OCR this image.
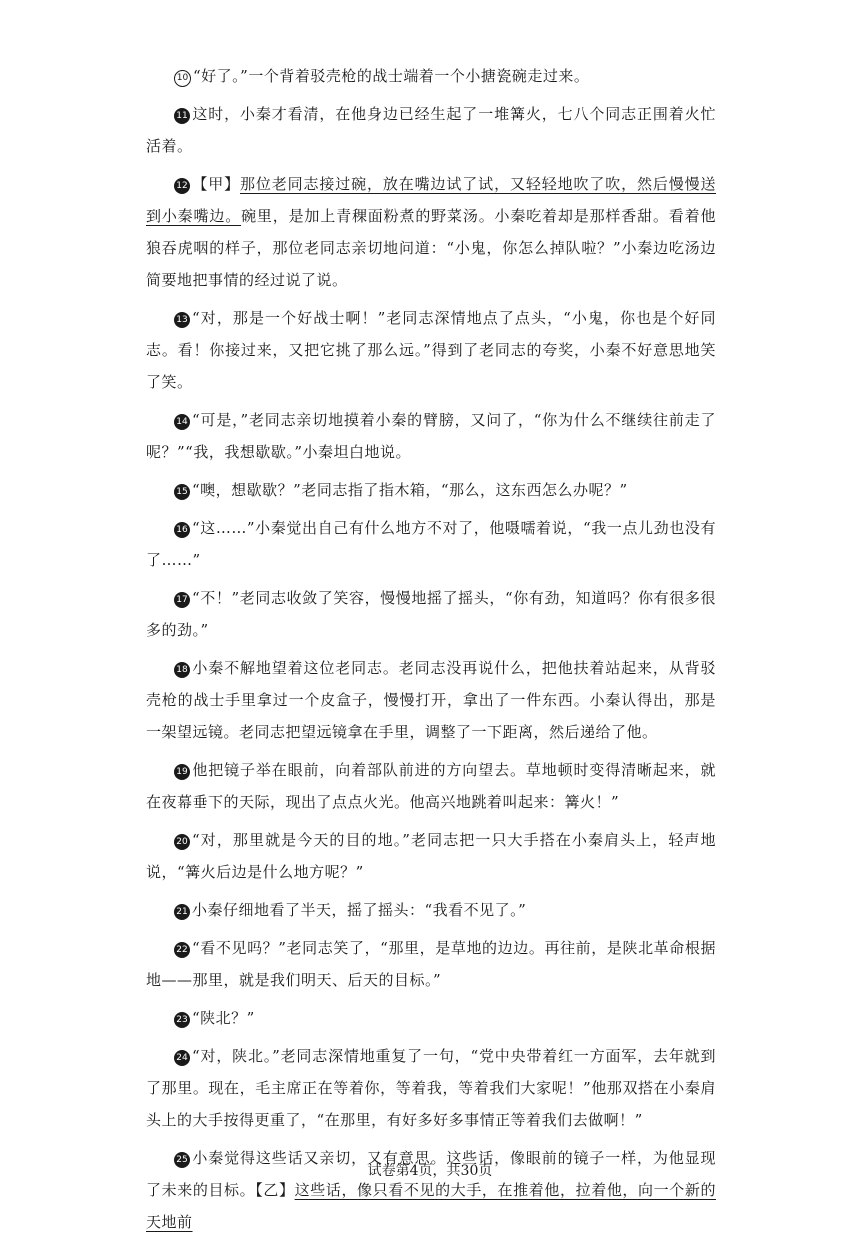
10 “好了。”一个背着驳壳枪的战士端着一个小搪瓷碗走过来。

11 这时，小秦才看清，在他身边已经生起了一堆篝火，七八个同志正围着火忙活着。

12 【甲】那位老同志接过碗，放在嘴边试了试，又轻轻地吹了吹，然后慢慢送到小秦嘴边。碗里，是加上青稞面粉煮的野菜汤。小秦吃着却是那样香甜。看着他狼吞虎咽的样子，那位老同志亲切地问道：“小鬼，你怎么掉队啦？”小秦边吃汤边简要地把事情的经过说了说。

13 “对，那是一个好战士啊！”老同志深情地点了点头，“小鬼，你也是个好同志。看！你接过来，又把它挑了那么远。”得到了老同志的夸奖，小秦不好意思地笑了笑。

14 “可是，”老同志亲切地摸着小秦的臂膀，又问了，“你为什么不继续往前走了呢？”“我，我想歇歇。”小秦坦白地说。

15 “噢，想歇歇？”老同志指了指木箱，“那么，这东西怎么办呢？”

16 “这……”小秦觉出自己有什么地方不对了，他嗫嚅着说，“我一点儿劲也没有了……”

17 “不！”老同志收敛了笑容，慢慢地摇了摇头，“你有劲，知道吗？你有很多很多的劲。”

18 小秦不解地望着这位老同志。老同志没再说什么，把他扶着站起来，从背驳壳枪的战士手里拿过一个皮盒子，慢慢打开，拿出了一件东西。小秦认得出，那是一架望远镜。老同志把望远镜拿在手里，调整了一下距离，然后递给了他。

19 他把镜子举在眼前，向着部队前进的方向望去。草地顿时变得清晰起来，就在夜幕垂下的天际，现出了点点火光。他高兴地跳着叫起来：篝火！”

20 “对，那里就是今天的目的地。”老同志把一只大手搭在小秦肩头上，轻声地说，“篝火后边是什么地方呢？”

21 小秦仔细地看了半天，摇了摇头：“我看不见了。”

22 “看不见吗？”老同志笑了，“那里，是草地的边边。再往前，是陕北革命根据地——那里，就是我们明天、后天的目标。”

23 “陕北？”

24 “对，陕北。”老同志深情地重复了一句，“党中央带着红一方面军，去年就到了那里。现在，毛主席正在等着你，等着我，等着我们大家呢！”他那双搭在小秦肩头上的大手按得更重了，“在那里，有好多好多事情正等着我们去做啊！”

25 小秦觉得这些话又亲切，又有意思。这些话，像眼前的镜子一样，为他显现了未来的目标。【乙】这些话，像只看不见的大手，在推着他，拉着他，向一个新的天地前

试卷第4页，共30页
